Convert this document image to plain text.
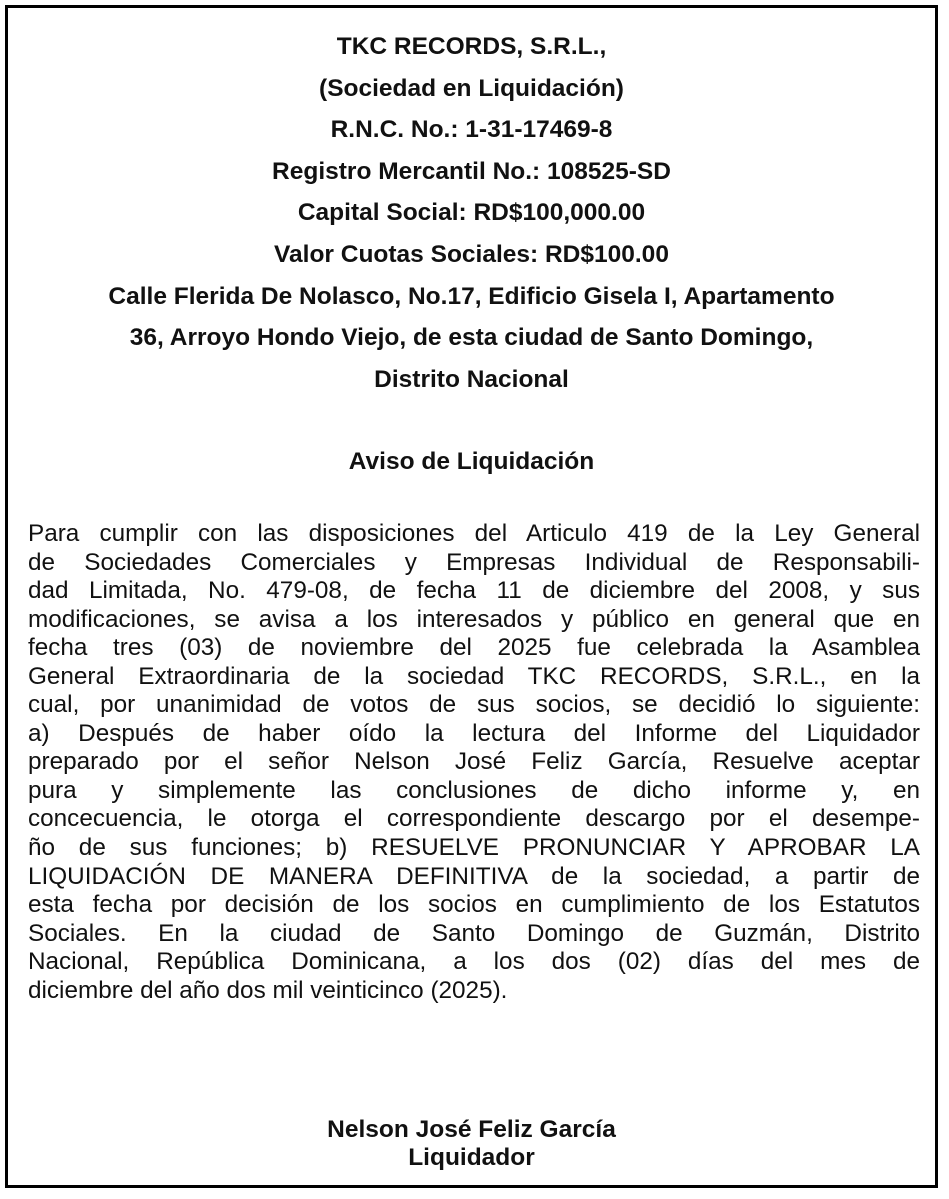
TKC RECORDS, S.R.L.,
(Sociedad en Liquidación)
R.N.C. No.: 1-31-17469-8
Registro Mercantil No.: 108525-SD
Capital Social: RD$100,000.00
Valor Cuotas Sociales: RD$100.00
Calle Flerida De Nolasco, No.17, Edificio Gisela I, Apartamento
36, Arroyo Hondo Viejo, de esta ciudad de Santo Domingo,
Distrito Nacional
Aviso de Liquidación
Para cumplir con las disposiciones del Articulo 419 de la Ley General
de Sociedades Comerciales y Empresas Individual de Responsabili-
dad Limitada, No. 479-08, de fecha 11 de diciembre del 2008, y sus
modificaciones, se avisa a los interesados y público en general que en
fecha tres (03) de noviembre del 2025 fue celebrada la Asamblea
General Extraordinaria de la sociedad TKC RECORDS, S.R.L., en la
cual, por unanimidad de votos de sus socios, se decidió lo siguiente:
a) Después de haber oído la lectura del Informe del Liquidador
preparado por el señor Nelson José Feliz García, Resuelve aceptar
pura y simplemente las conclusiones de dicho informe y, en
concecuencia, le otorga el correspondiente descargo por el desempe-
ño de sus funciones; b) RESUELVE PRONUNCIAR Y APROBAR LA
LIQUIDACIÓN DE MANERA DEFINITIVA de la sociedad, a partir de
esta fecha por decisión de los socios en cumplimiento de los Estatutos
Sociales. En la ciudad de Santo Domingo de Guzmán, Distrito
Nacional, República Dominicana, a los dos (02) días del mes de
diciembre del año dos mil veinticinco (2025).
Nelson José Feliz García
Liquidador
